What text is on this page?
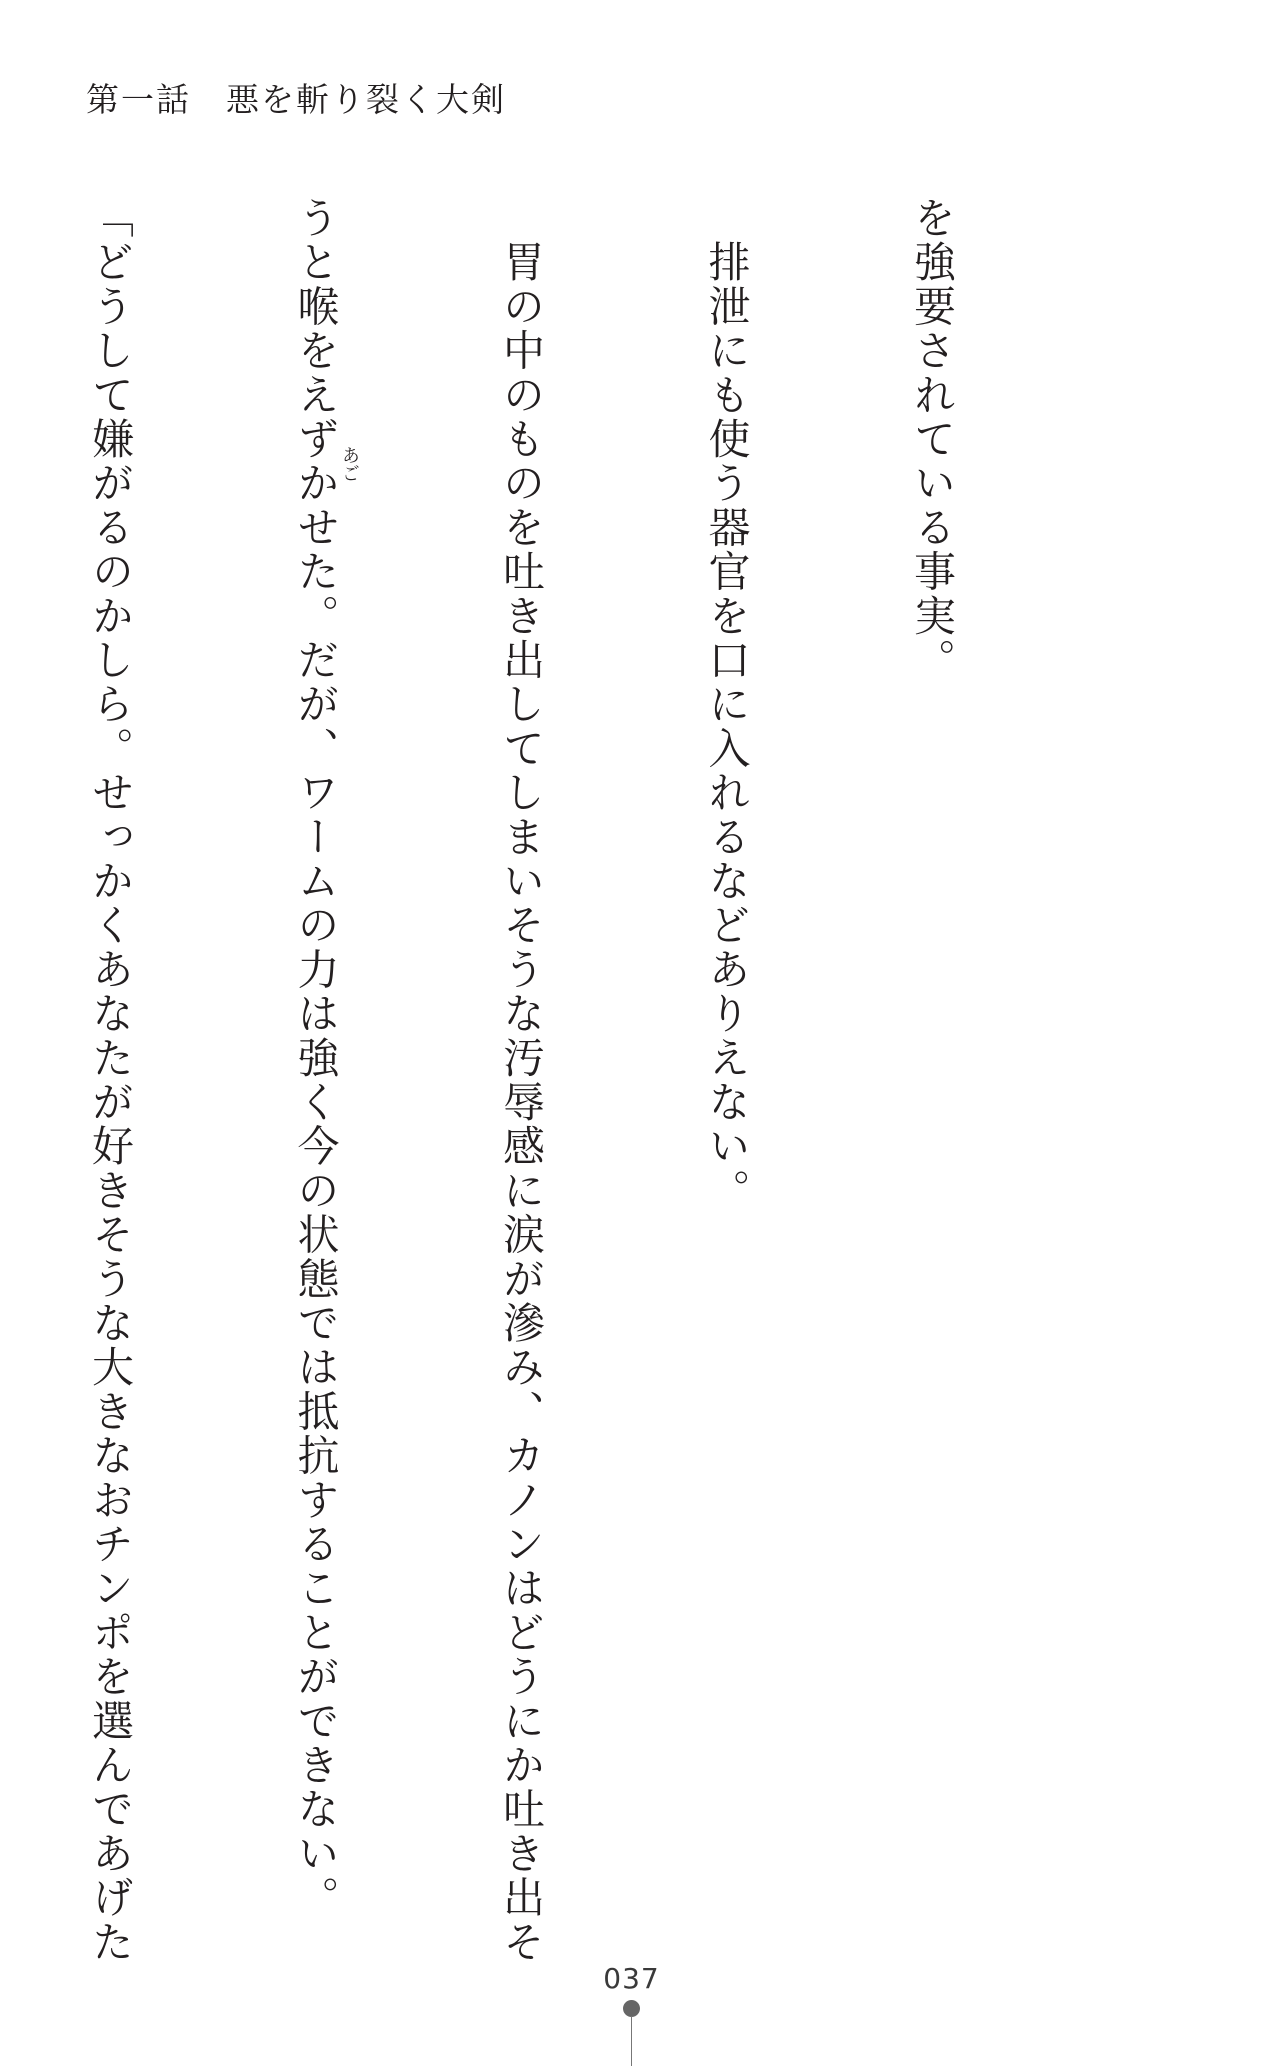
第一話　悪を斬り裂く大剣

を強要されている事実。

　排泄にも使う器官を口に入れるなどありえない。

　胃の中のものを吐き出してしまいそうな汚辱感に涙が滲み、カノンはどうにか吐き出そ

うと喉をえずかせた。だが、ワームの力は強く今の状態では抵抗することができない。

「どうして嫌がるのかしら。せっかくあなたが好きそうな大きなおチンポを選んであげた

	あご
037
